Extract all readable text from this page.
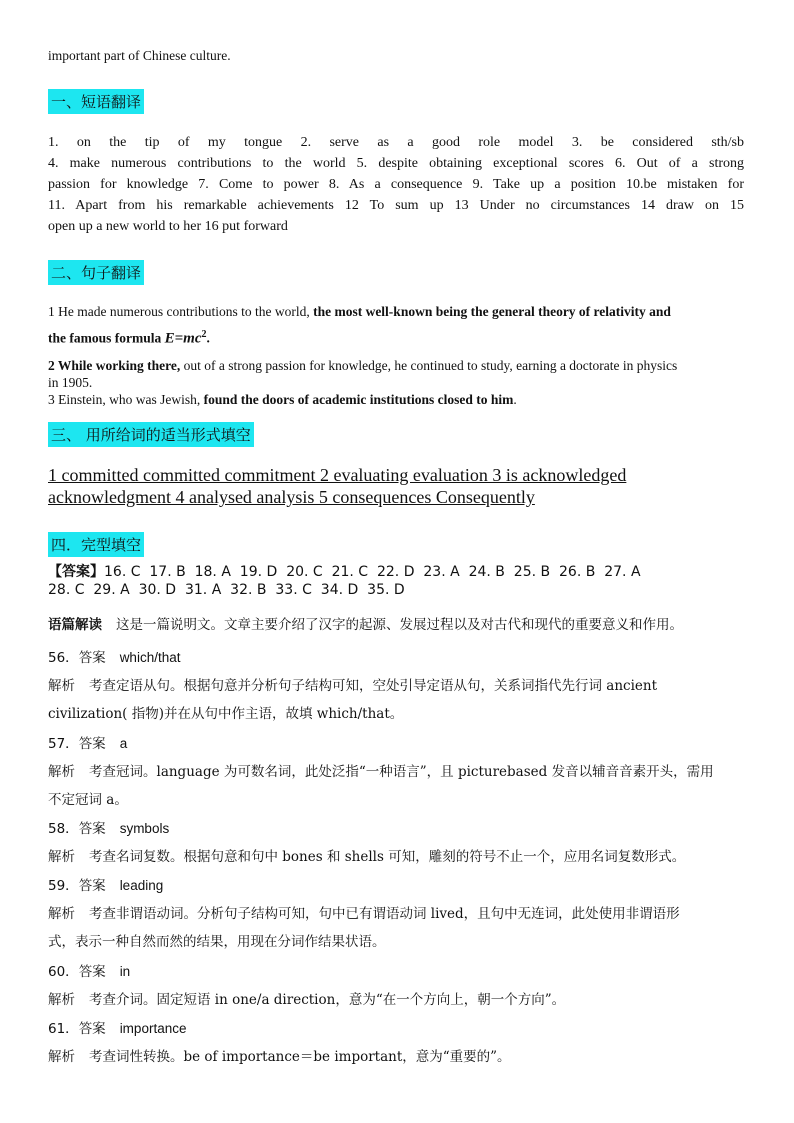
important part of Chinese culture.
一、短语翻译
1. on the tip of my tongue 2. serve as a good role model 3. be considered sth/sb
4. make numerous contributions to the world 5. despite obtaining exceptional scores 6. Out of a strong
passion for knowledge 7. Come to power 8. As a consequence 9. Take up a position 10.be mistaken for
11. Apart from his remarkable achievements 12 To sum up 13 Under no circumstances 14 draw on 15
open up a new world to her 16 put forward
二、句子翻译
1 He made numerous contributions to the world, the most well-known being the general theory of relativity and
the famous formula $E=mc^2$.
2 While working there, out of a strong passion for knowledge, he continued to study, earning a doctorate in physics
in 1905.
3 Einstein, who was Jewish, found the doors of academic institutions closed to him.
三、 用所给词的适当形式填空
1 committed committed commitment 2 evaluating evaluation 3 is acknowledged
acknowledgment 4 analysed analysis 5 consequences Consequently
四．完型填空
【答案】16. C  17. B  18. A  19. D  20. C  21. C  22. D  23. A  24. B  25. B  26. B  27. A
28. C  29. A  30. D  31. A  32. B  33. C  34. D  35. D
语篇解读 这是一篇说明文。文章主要介绍了汉字的起源、发展过程以及对古代和现代的重要意义和作用。
56．答案 which/that
解析 考查定语从句。根据句意并分析句子结构可知，空处引导定语从句，关系词指代先行词 ancient
civilization( 指物)并在从句中作主语，故填 which/that。
57．答案 a
解析 考查冠词。language 为可数名词，此处泛指“一种语言”，且 picturebased 发音以辅音音素开头，需用
不定冠词 a。
58．答案 symbols
解析 考查名词复数。根据句意和句中 bones 和 shells 可知，雕刻的符号不止一个，应用名词复数形式。
59．答案 leading
解析 考查非谓语动词。分析句子结构可知，句中已有谓语动词 lived，且句中无连词，此处使用非谓语形
式，表示一种自然而然的结果，用现在分词作结果状语。
60．答案 in
解析 考查介词。固定短语 in one/a direction，意为“在一个方向上，朝一个方向”。
61．答案 importance
解析 考查词性转换。be of importance＝be important，意为“重要的”。
